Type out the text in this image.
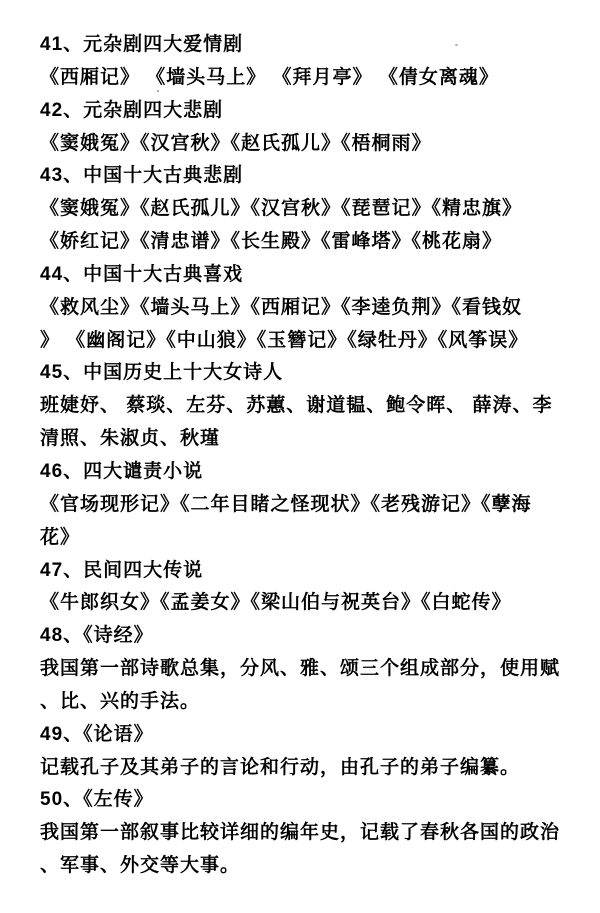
41、元杂剧四大爱情剧
《西厢记》 《墙头马上》 《拜月亭》 《倩女离魂》
42、元杂剧四大悲剧
《窦娥冤》《汉宫秋》《赵氏孤儿》《梧桐雨》
43、中国十大古典悲剧
《窦娥冤》《赵氏孤儿》《汉宫秋》《琵琶记》《精忠旗》
《娇红记》《清忠谱》《长生殿》《雷峰塔》《桃花扇》
44、中国十大古典喜戏
《救风尘》《墙头马上》《西厢记》《李逵负荆》《看钱奴
》 《幽阁记》《中山狼》《玉簪记》《绿牡丹》《风筝误》
45、中国历史上十大女诗人
班婕妤、 蔡琰、左芬、苏蕙、谢道韫、鲍令晖、 薛涛、李
清照、朱淑贞、秋瑾
46、四大谴责小说
《官场现形记》《二年目睹之怪现状》《老残游记》《孽海
花》
47、民间四大传说
《牛郎织女》《孟姜女》《梁山伯与祝英台》《白蛇传》
48、《诗经》
我国第一部诗歌总集，分风、雅、颂三个组成部分，使用赋
、比、兴的手法。
49、《论语》
记载孔子及其弟子的言论和行动，由孔子的弟子编纂。
50、《左传》
我国第一部叙事比较详细的编年史，记载了春秋各国的政治
、军事、外交等大事。
